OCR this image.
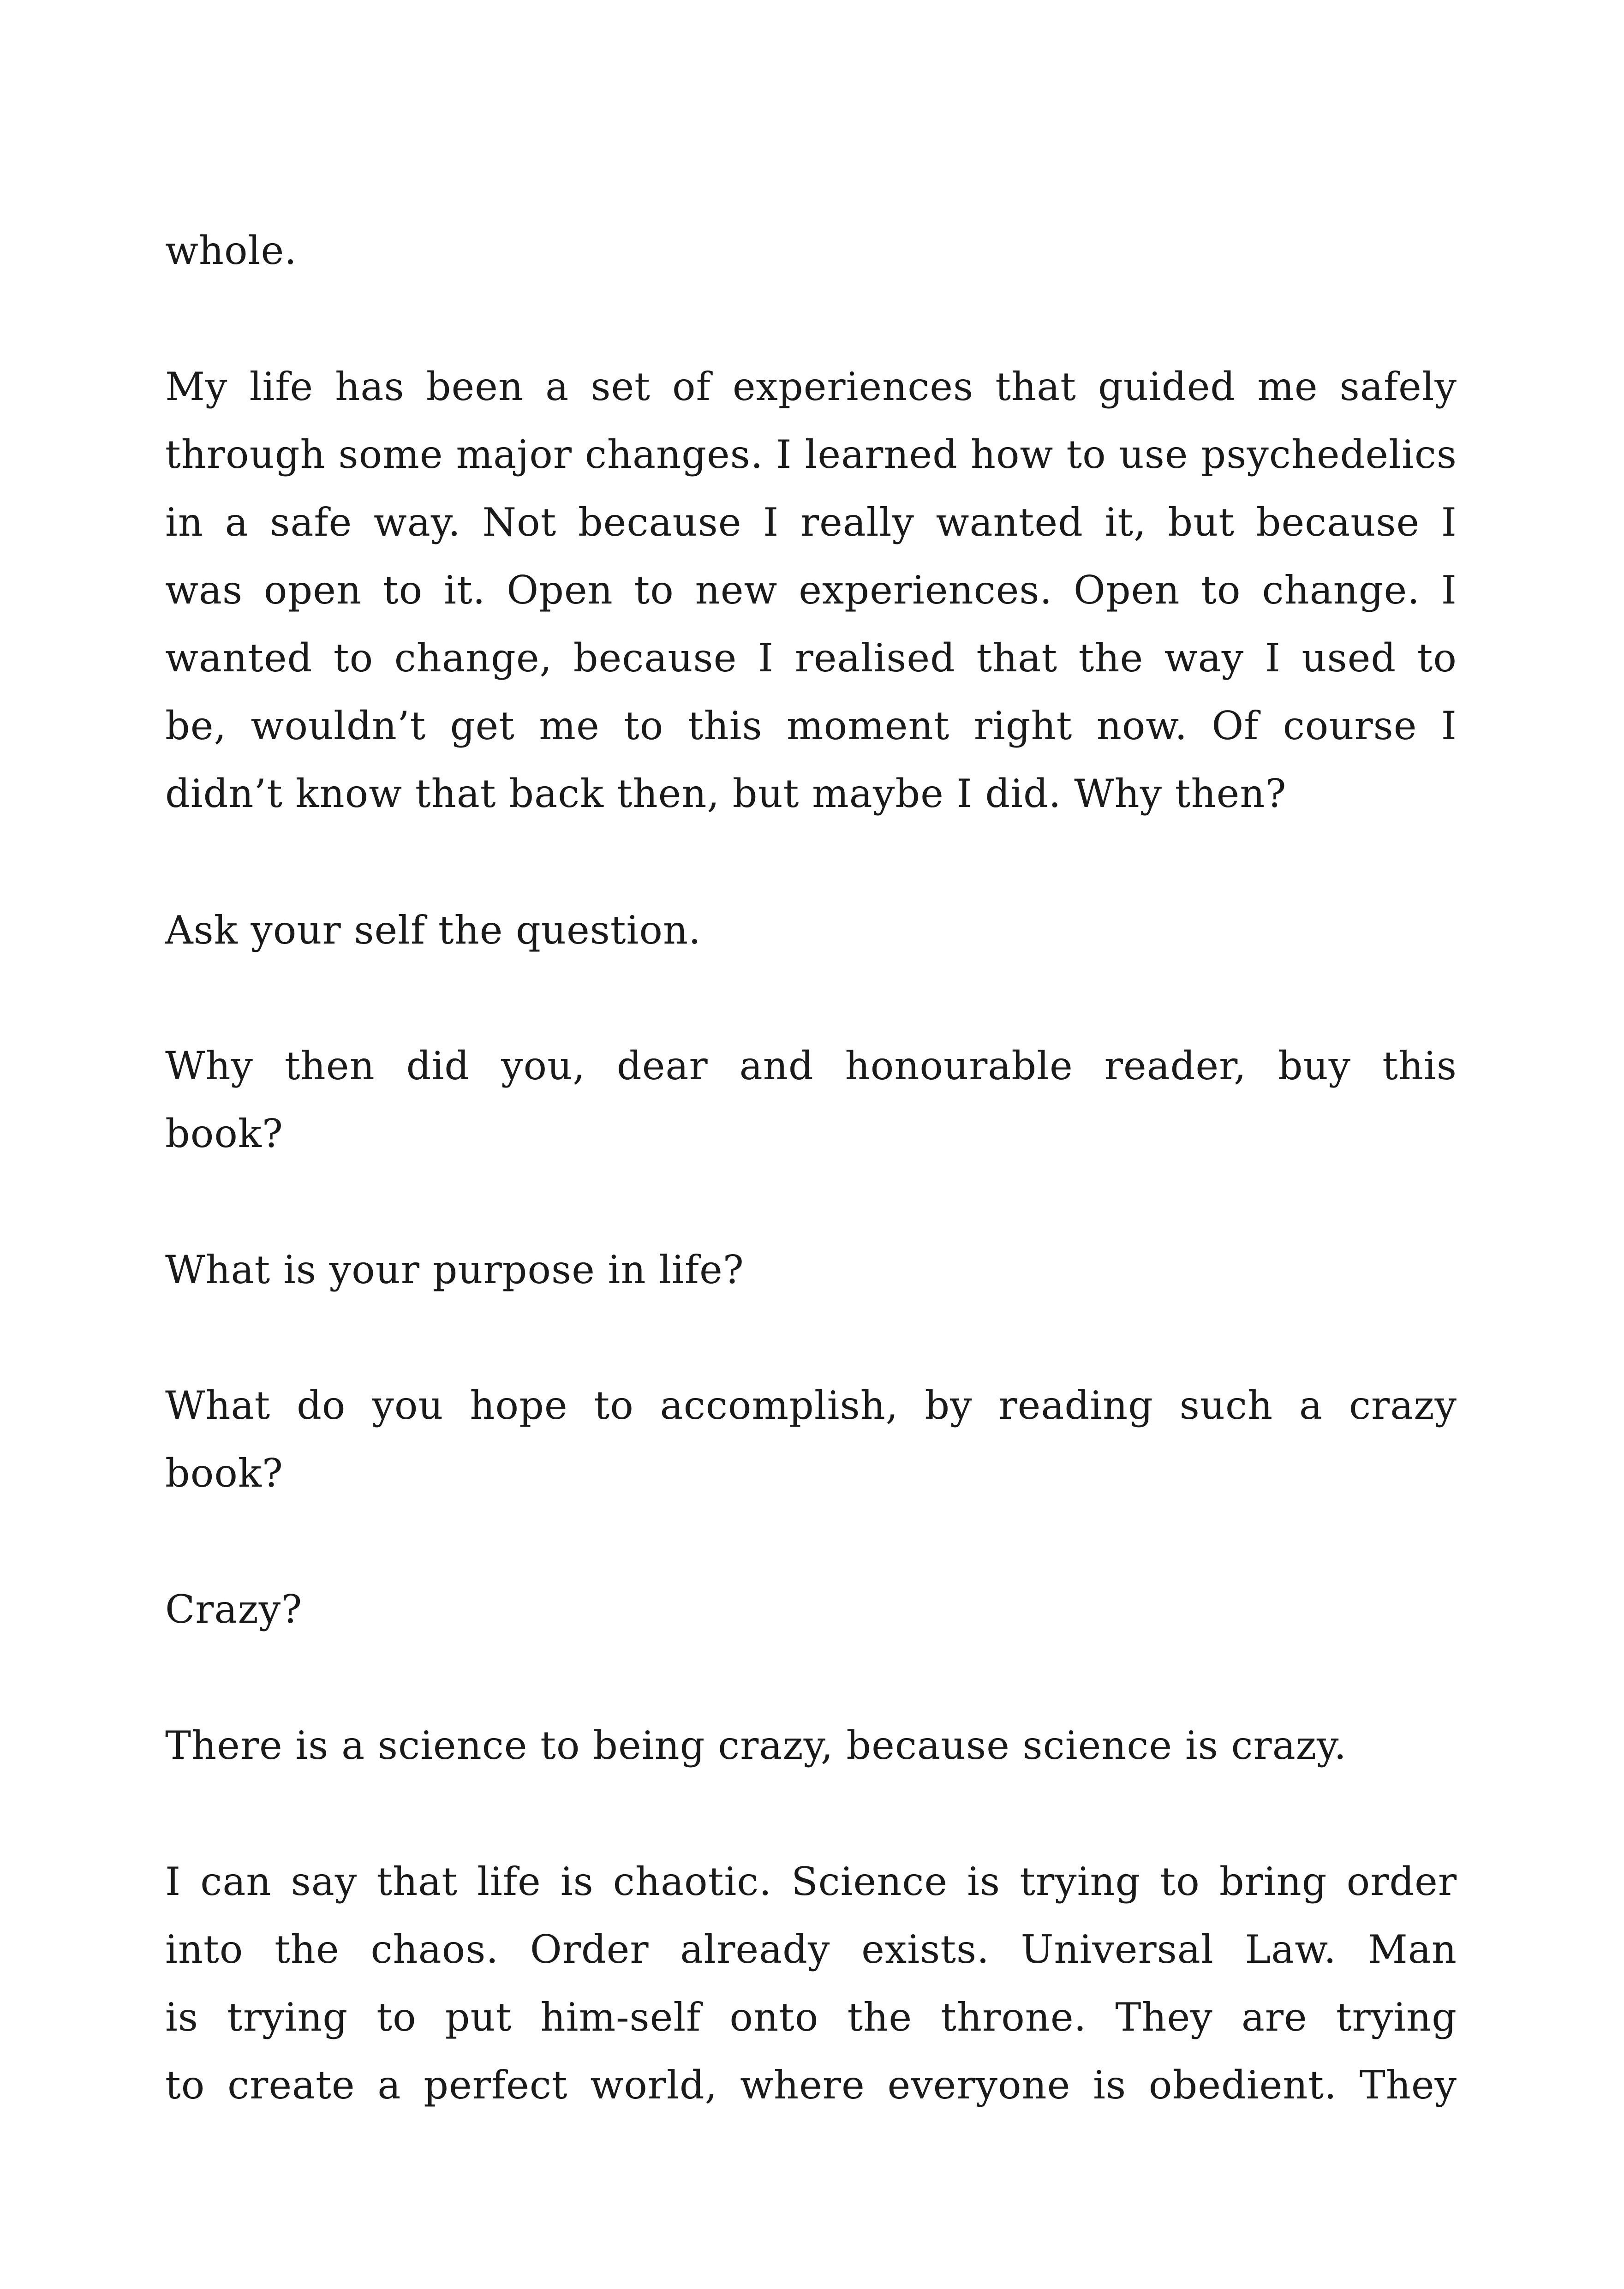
whole.
My life has been a set of experiences that guided me safely
through some major changes. I learned how to use psychedelics
in a safe way. Not because I really wanted it, but because I
was open to it. Open to new experiences. Open to change. I
wanted to change, because I realised that the way I used to
be, wouldn’t get me to this moment right now. Of course I
didn’t know that back then, but maybe I did. Why then?
Ask your self the question.
Why then did you, dear and honourable reader, buy this
book?
What is your purpose in life?
What do you hope to accomplish, by reading such a crazy
book?
Crazy?
There is a science to being crazy, because science is crazy.
I can say that life is chaotic. Science is trying to bring order
into the chaos. Order already exists. Universal Law. Man
is trying to put him-self onto the throne. They are trying
to create a perfect world, where everyone is obedient. They
